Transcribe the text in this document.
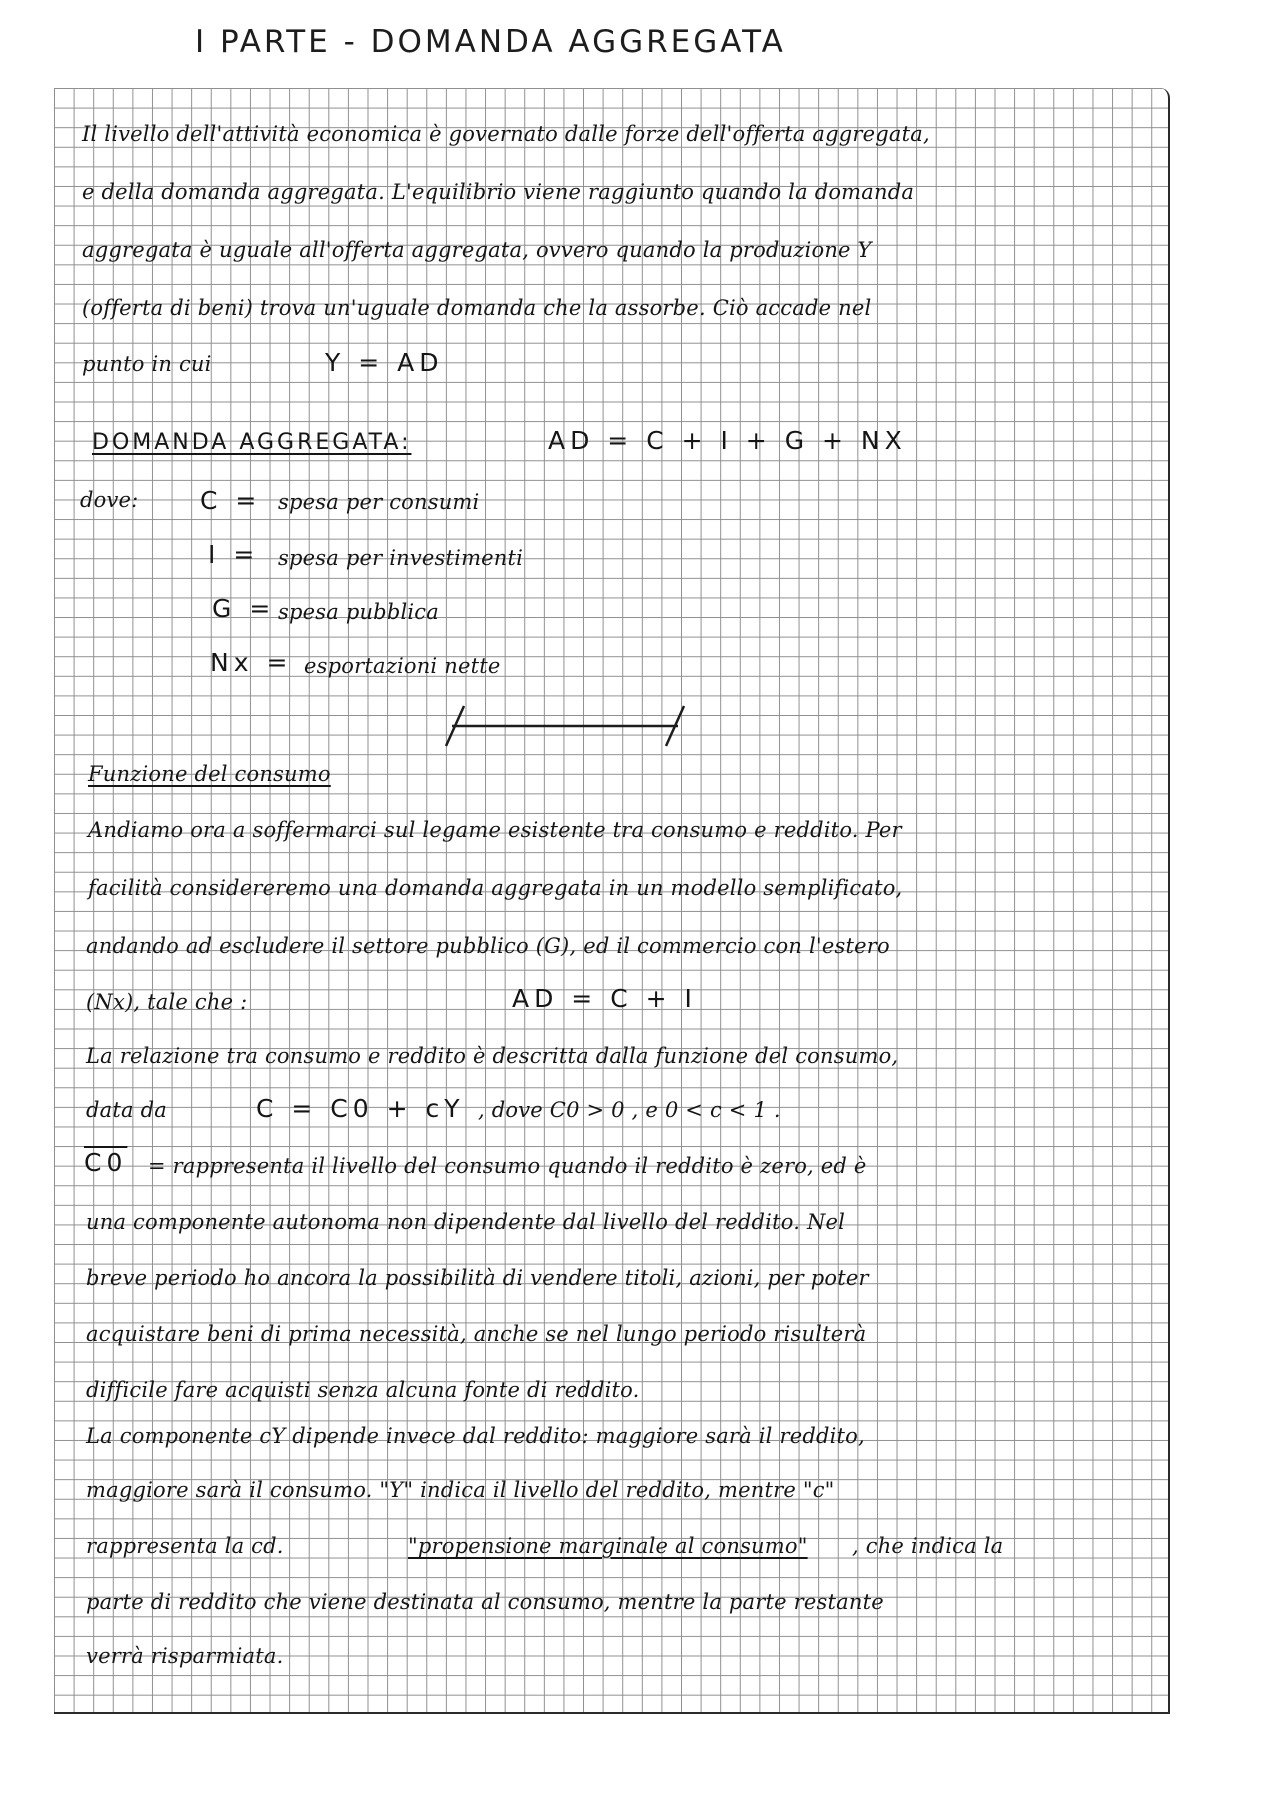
I PARTE - DOMANDA AGGREGATA
Il livello dell'attività economica è governato dalle forze dell'offerta aggregata,
e della domanda aggregata. L'equilibrio viene raggiunto quando la domanda
aggregata è uguale all'offerta aggregata, ovvero quando la produzione Y
(offerta di beni) trova un'uguale domanda che la assorbe. Ciò accade nel
punto in cui	Y = AD
DOMANDA AGGREGATA:	AD = C + I + G + NX
dove: C = spesa per consumi
I = spesa per investimenti
G = spesa pubblica
Nx = esportazioni nette
Funzione del consumo
Andiamo ora a soffermarci sul legame esistente tra consumo e reddito. Per
facilità considereremo una domanda aggregata in un modello semplificato,
andando ad escludere il settore pubblico (G), ed il commercio con l'estero
(Nx), tale che :	AD = C + I
La relazione tra consumo e reddito è descritta dalla funzione del consumo,
data da	C = C0 + cY , dove C0 > 0 , e 0 < c < 1 .
C0 = rappresenta il livello del consumo quando il reddito è zero, ed è
una componente autonoma non dipendente dal livello del reddito. Nel
breve periodo ho ancora la possibilità di vendere titoli, azioni, per poter
acquistare beni di prima necessità, anche se nel lungo periodo risulterà
difficile fare acquisti senza alcuna fonte di reddito.
La componente cY dipende invece dal reddito: maggiore sarà il reddito,
maggiore sarà il consumo. "Y" indica il livello del reddito, mentre "c"
rappresenta la cd.	"propensione marginale al consumo" , che indica la
parte di reddito che viene destinata al consumo, mentre la parte restante
verrà risparmiata.
